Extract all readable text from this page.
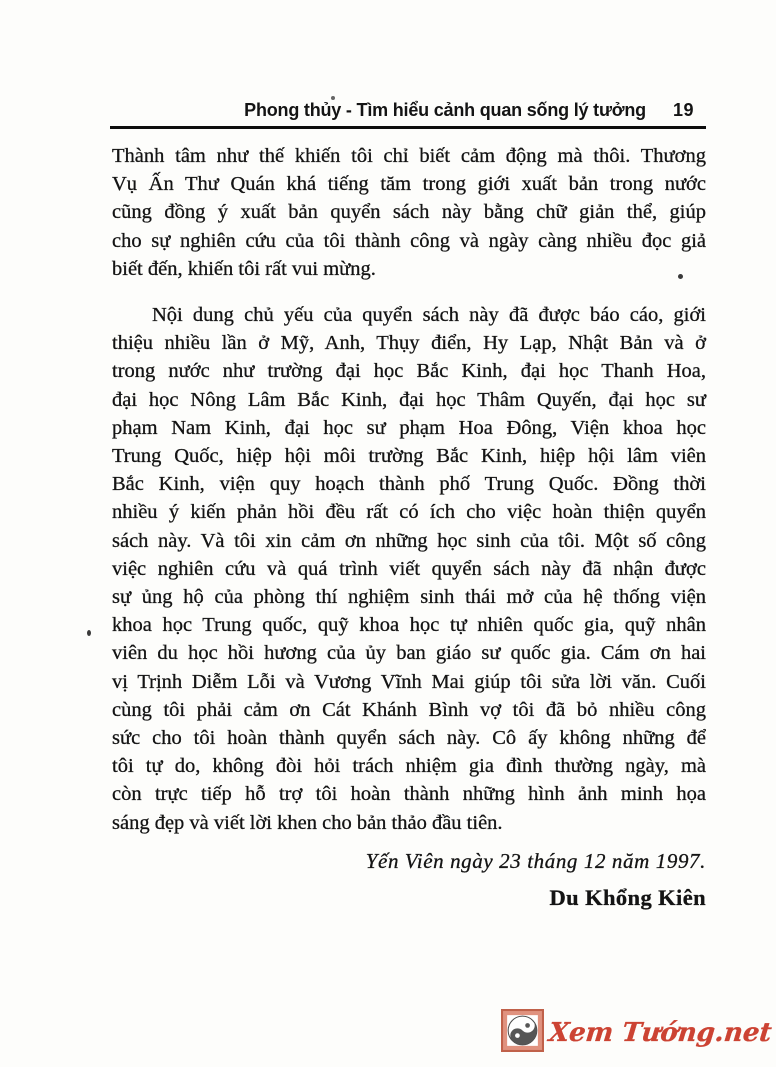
Phong thủy - Tìm hiểu cảnh quan sống lý tưởng 19
Thành tâm như thế khiến tôi chỉ biết cảm động mà thôi. Thương
Vụ Ấn Thư Quán khá tiếng tăm trong giới xuất bản trong nước
cũng đồng ý xuất bản quyển sách này bằng chữ giản thể, giúp
cho sự nghiên cứu của tôi thành công và ngày càng nhiều đọc giả
biết đến, khiến tôi rất vui mừng.
Nội dung chủ yếu của quyển sách này đã được báo cáo, giới
thiệu nhiều lần ở Mỹ, Anh, Thụy điển, Hy Lạp, Nhật Bản và ở
trong nước như trường đại học Bắc Kinh, đại học Thanh Hoa,
đại học Nông Lâm Bắc Kinh, đại học Thâm Quyến, đại học sư
phạm Nam Kinh, đại học sư phạm Hoa Đông, Viện khoa học
Trung Quốc, hiệp hội môi trường Bắc Kinh, hiệp hội lâm viên
Bắc Kinh, viện quy hoạch thành phố Trung Quốc. Đồng thời
nhiều ý kiến phản hồi đều rất có ích cho việc hoàn thiện quyển
sách này. Và tôi xin cảm ơn những học sinh của tôi. Một số công
việc nghiên cứu và quá trình viết quyển sách này đã nhận được
sự ủng hộ của phòng thí nghiệm sinh thái mở của hệ thống viện
khoa học Trung quốc, quỹ khoa học tự nhiên quốc gia, quỹ nhân
viên du học hồi hương của ủy ban giáo sư quốc gia. Cám ơn hai
vị Trịnh Diễm Lỗi và Vương Vĩnh Mai giúp tôi sửa lời văn. Cuối
cùng tôi phải cảm ơn Cát Khánh Bình vợ tôi đã bỏ nhiều công
sức cho tôi hoàn thành quyển sách này. Cô ấy không những để
tôi tự do, không đòi hỏi trách nhiệm gia đình thường ngày, mà
còn trực tiếp hỗ trợ tôi hoàn thành những hình ảnh minh họa
sáng đẹp và viết lời khen cho bản thảo đầu tiên.
Yến Viên ngày 23 tháng 12 năm 1997.
Du Khổng Kiên
Xem Tướng.net
